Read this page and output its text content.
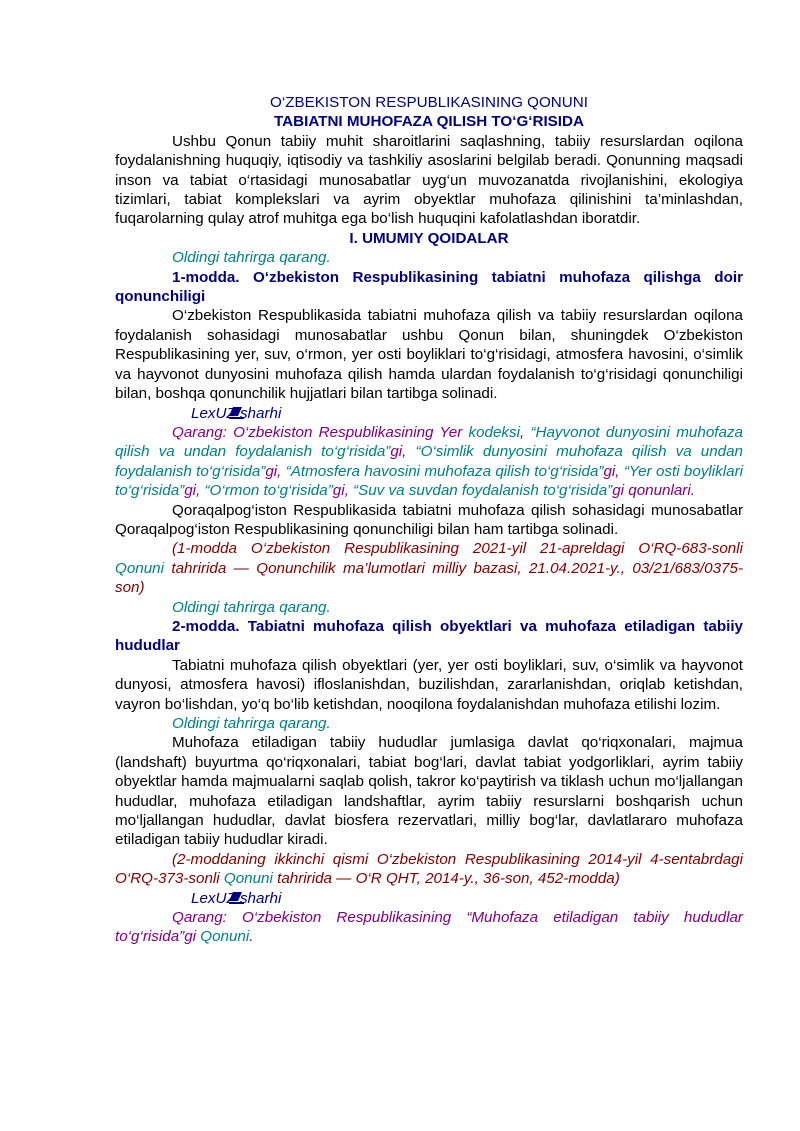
O‘ZBEKISTON RESPUBLIKASINING QONUNI

TABIATNI MUHOFAZA QILISH TO‘G‘RISIDA

Ushbu Qonun tabiiy muhit sharoitlarini saqlashning, tabiiy resurslardan oqilona foydalanishning huquqiy, iqtisodiy va tashkiliy asoslarini belgilab beradi. Qonunning maqsadi inson va tabiat o‘rtasidagi munosabatlar uyg‘un muvozanatda rivojlanishini, ekologiya tizimlari, tabiat komplekslari va ayrim obyektlar muhofaza qilinishini ta’minlashdan, fuqarolarning qulay atrof muhitga ega bo‘lish huquqini kafolatlashdan iboratdir.

I. UMUMIY QOIDALAR

Oldingi tahrirga qarang.

1-modda. O‘zbekiston Respublikasining tabiatni muhofaza qilishga doir qonunchiligi

O‘zbekiston Respublikasida tabiatni muhofaza qilish va tabiiy resurslardan oqilona foydalanish sohasidagi munosabatlar ushbu Qonun bilan, shuningdek O‘zbekiston Respublikasining yer, suv, o‘rmon, yer osti boyliklari to‘g‘risidagi, atmosfera havosini, o‘simlik va hayvonot dunyosini muhofaza qilish hamda ulardan foydalanish to‘g‘risidagi qonunchiligi bilan, boshqa qonunchilik hujjatlari bilan tartibga solinadi.

LexUZ sharhi

Qarang: O‘zbekiston Respublikasining Yer kodeksi, “Hayvonot dunyosini muhofaza qilish va undan foydalanish to‘g‘risida”gi, “O‘simlik dunyosini muhofaza qilish va undan foydalanish to‘g‘risida”gi, “Atmosfera havosini muhofaza qilish to‘g‘risida”gi, “Yer osti boyliklari to‘g‘risida”gi, “O‘rmon to‘g‘risida”gi, “Suv va suvdan foydalanish to‘g‘risida”gi qonunlari.

Qoraqalpog‘iston Respublikasida tabiatni muhofaza qilish sohasidagi munosabatlar Qoraqalpog‘iston Respublikasining qonunchiligi bilan ham tartibga solinadi.

(1-modda O‘zbekiston Respublikasining 2021-yil 21-apreldagi O‘RQ-683-sonli Qonuni tahririda — Qonunchilik ma’lumotlari milliy bazasi, 21.04.2021-y., 03/21/683/0375-son)

Oldingi tahrirga qarang.

2-modda. Tabiatni muhofaza qilish obyektlari va muhofaza etiladigan tabiiy hududlar

Tabiatni muhofaza qilish obyektlari (yer, yer osti boyliklari, suv, o‘simlik va hayvonot dunyosi, atmosfera havosi) ifloslanishdan, buzilishdan, zararlanishdan, oriqlab ketishdan, vayron bo‘lishdan, yo‘q bo‘lib ketishdan, nooqilona foydalanishdan muhofaza etilishi lozim.

Oldingi tahrirga qarang.

Muhofaza etiladigan tabiiy hududlar jumlasiga davlat qo‘riqxonalari, majmua (landshaft) buyurtma qo‘riqxonalari, tabiat bog‘lari, davlat tabiat yodgorliklari, ayrim tabiiy obyektlar hamda majmualarni saqlab qolish, takror ko‘paytirish va tiklash uchun mo‘ljallangan hududlar, muhofaza etiladigan landshaftlar, ayrim tabiiy resurslarni boshqarish uchun mo‘ljallangan hududlar, davlat biosfera rezervatlari, milliy bog‘lar, davlatlararo muhofaza etiladigan tabiiy hududlar kiradi.

(2-moddaning ikkinchi qismi O‘zbekiston Respublikasining 2014-yil 4-sentabrdagi O‘RQ-373-sonli Qonuni tahririda — O‘R QHT, 2014-y., 36-son, 452-modda)

LexUZ sharhi

Qarang: O‘zbekiston Respublikasining “Muhofaza etiladigan tabiiy hududlar to‘g‘risida”gi Qonuni.
